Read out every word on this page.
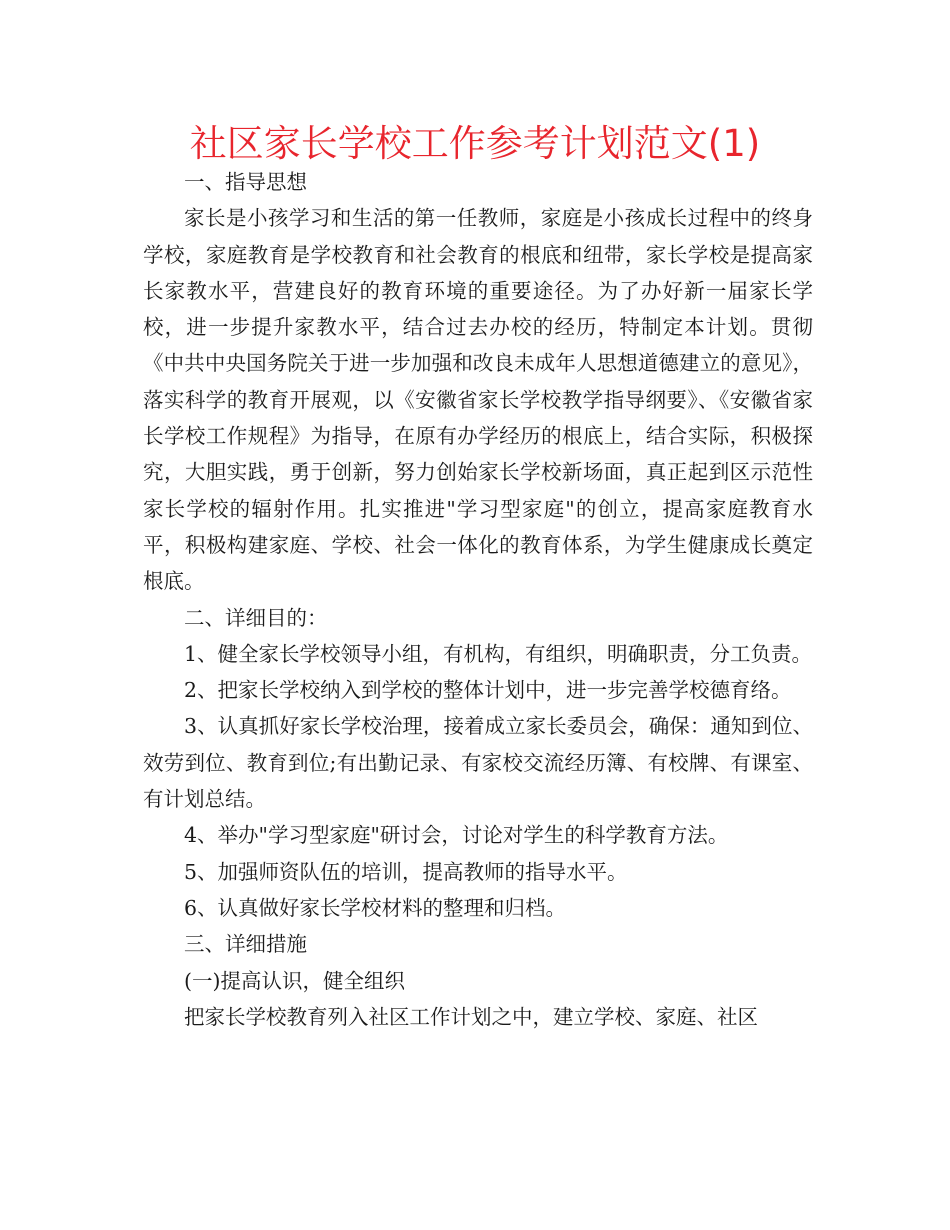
社区家长学校工作参考计划范文(1)

一、指导思想

家长是小孩学习和生活的第一任教师，家庭是小孩成长过程中的终身学校，家庭教育是学校教育和社会教育的根底和纽带，家长学校是提高家长家教水平，营建良好的教育环境的重要途径。为了办好新一届家长学校，进一步提升家教水平，结合过去办校的经历，特制定本计划。贯彻《中共中央国务院关于进一步加强和改良未成年人思想道德建立的意见》，落实科学的教育开展观，以《安徽省家长学校教学指导纲要》、《安徽省家长学校工作规程》为指导，在原有办学经历的根底上，结合实际，积极探究，大胆实践，勇于创新，努力创始家长学校新场面，真正起到区示范性家长学校的辐射作用。扎实推进"学习型家庭"的创立，提高家庭教育水平，积极构建家庭、学校、社会一体化的教育体系，为学生健康成长奠定根底。

二、详细目的：

1、健全家长学校领导小组，有机构，有组织，明确职责，分工负责。

2、把家长学校纳入到学校的整体计划中，进一步完善学校德育络。

3、认真抓好家长学校治理，接着成立家长委员会，确保：通知到位、效劳到位、教育到位;有出勤记录、有家校交流经历簿、有校牌、有课室、有计划总结。

4、举办"学习型家庭"研讨会，讨论对学生的科学教育方法。

5、加强师资队伍的培训，提高教师的指导水平。

6、认真做好家长学校材料的整理和归档。

三、详细措施

(一)提高认识，健全组织

把家长学校教育列入社区工作计划之中，建立学校、家庭、社区
